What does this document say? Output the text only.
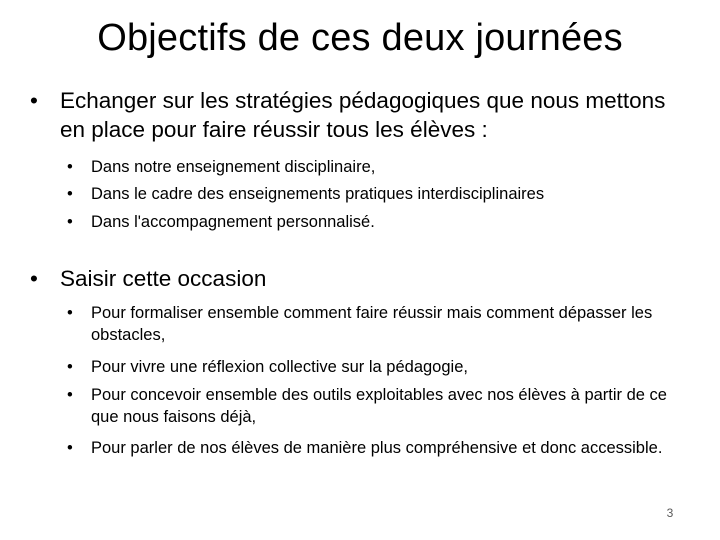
Objectifs de ces deux journées
• Echanger sur les stratégies pédagogiques que nous mettons en place pour faire réussir tous les élèves :
• Dans notre enseignement disciplinaire,
• Dans le cadre des enseignements pratiques interdisciplinaires
• Dans l'accompagnement personnalisé.
• Saisir cette occasion
• Pour formaliser ensemble comment faire réussir mais comment dépasser les obstacles,
• Pour vivre une réflexion collective sur la pédagogie,
• Pour concevoir ensemble des outils exploitables avec nos élèves à partir de ce que nous faisons déjà,
• Pour parler de nos élèves de manière plus compréhensive et donc accessible.
3
